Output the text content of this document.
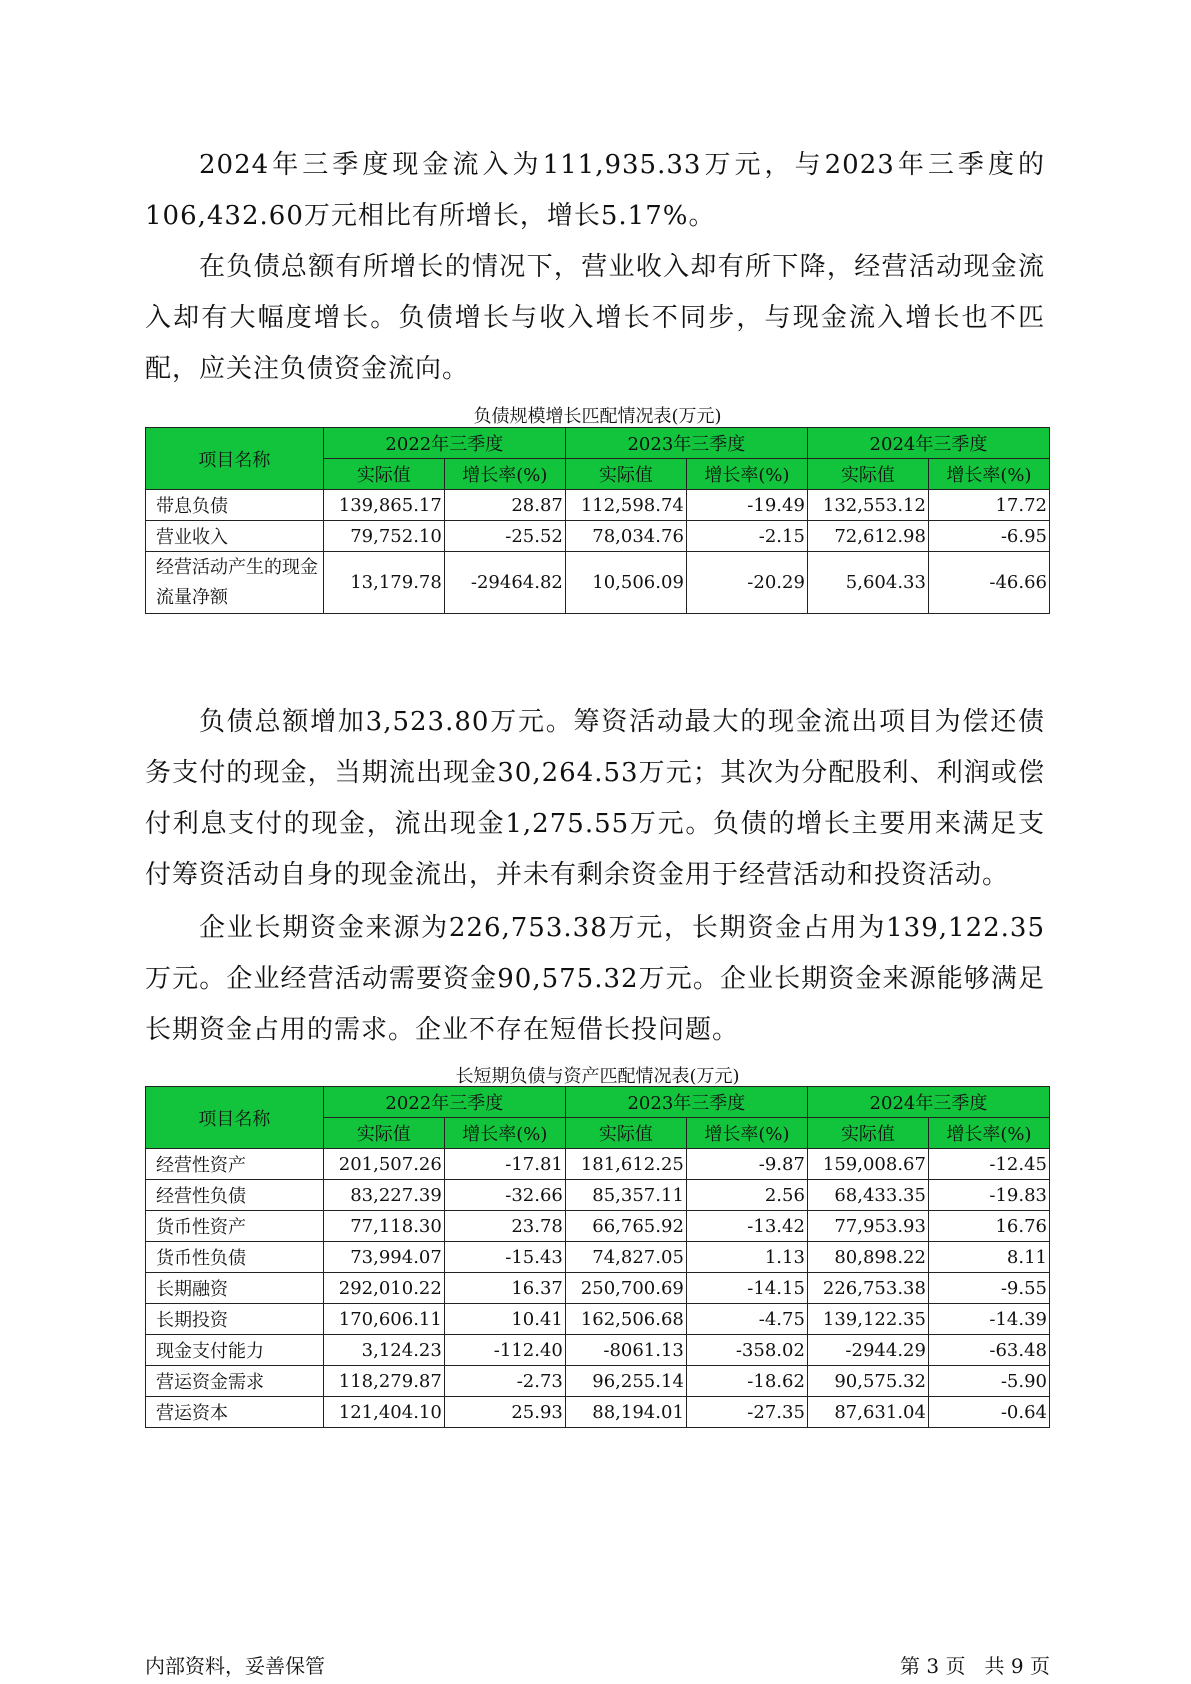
2024年三季度现金流入为111,935.33万元，与2023年三季度的106,432.60万元相比有所增长，增长5.17%。

在负债总额有所增长的情况下，营业收入却有所下降，经营活动现金流入却有大幅度增长。负债增长与收入增长不同步，与现金流入增长也不匹配，应关注负债资金流向。

负债规模增长匹配情况表(万元)

项目名称	2022年三季度		2023年三季度		2024年三季度	
	实际值	增长率(%)	实际值	增长率(%)	实际值	增长率(%)
带息负债	139,865.17	28.87	112,598.74	-19.49	132,553.12	17.72
营业收入	79,752.10	-25.52	78,034.76	-2.15	72,612.98	-6.95
经营活动产生的现金流量净额	13,179.78	-29464.82	10,506.09	-20.29	5,604.33	-46.66

负债总额增加3,523.80万元。筹资活动最大的现金流出项目为偿还债务支付的现金，当期流出现金30,264.53万元；其次为分配股利、利润或偿付利息支付的现金，流出现金1,275.55万元。负债的增长主要用来满足支付筹资活动自身的现金流出，并未有剩余资金用于经营活动和投资活动。

企业长期资金来源为226,753.38万元，长期资金占用为139,122.35万元。企业经营活动需要资金90,575.32万元。企业长期资金来源能够满足长期资金占用的需求。企业不存在短借长投问题。

长短期负债与资产匹配情况表(万元)

项目名称	2022年三季度		2023年三季度		2024年三季度	
	实际值	增长率(%)	实际值	增长率(%)	实际值	增长率(%)
经营性资产	201,507.26	-17.81	181,612.25	-9.87	159,008.67	-12.45
经营性负债	83,227.39	-32.66	85,357.11	2.56	68,433.35	-19.83
货币性资产	77,118.30	23.78	66,765.92	-13.42	77,953.93	16.76
货币性负债	73,994.07	-15.43	74,827.05	1.13	80,898.22	8.11
长期融资	292,010.22	16.37	250,700.69	-14.15	226,753.38	-9.55
长期投资	170,606.11	10.41	162,506.68	-4.75	139,122.35	-14.39
现金支付能力	3,124.23	-112.40	-8061.13	-358.02	-2944.29	-63.48
营运资金需求	118,279.87	-2.73	96,255.14	-18.62	90,575.32	-5.90
营运资本	121,404.10	25.93	88,194.01	-27.35	87,631.04	-0.64

内部资料，妥善保管	第 3 页   共 9 页
